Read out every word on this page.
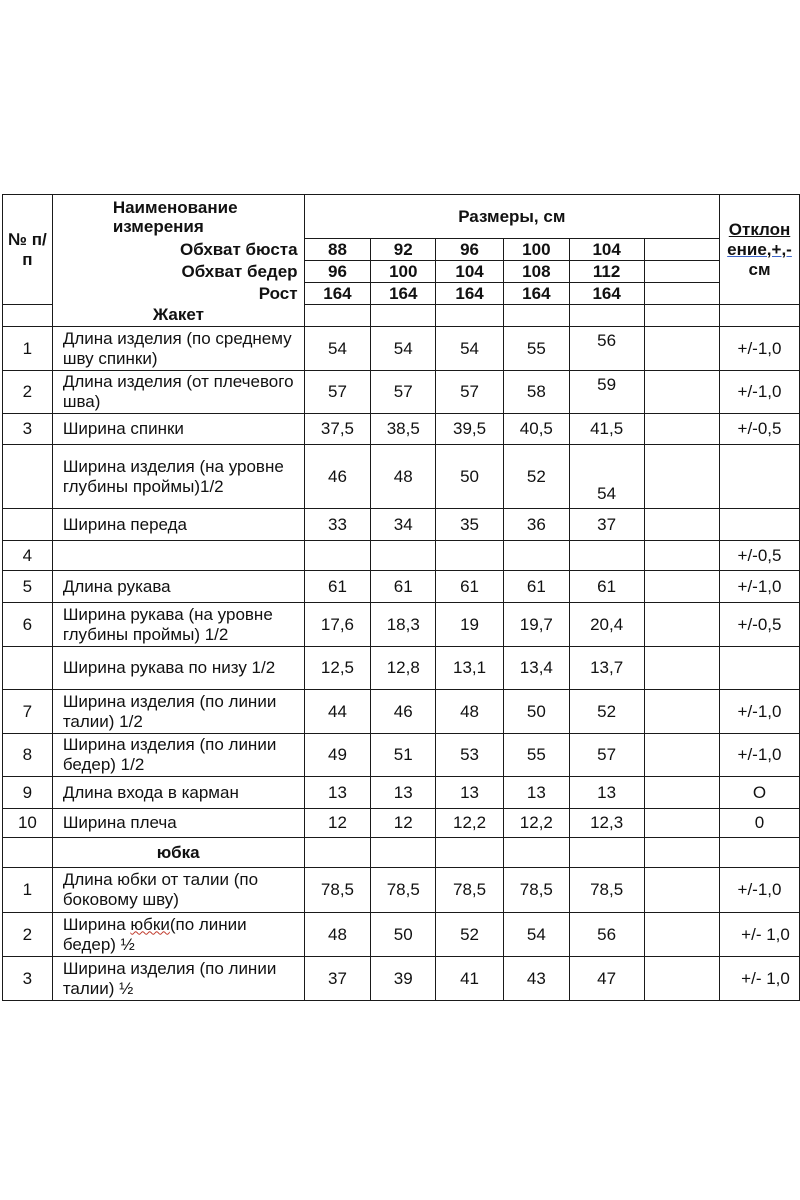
№ п/п	Наименование измерения	Размеры, см						Отклон
ение,+,-
см

	Обхват бюста	88	92	96	100	104		
	Обхват бедер	96	100	104	108	112		
	Рост	164	164	164	164	164		
	Жакет							
1	Длина изделия (по среднему шву спинки)	54	54	54	55	56		+/-1,0
2	Длина изделия (от плечевого шва)	57	57	57	58	59		+/-1,0
3	Ширина спинки	37,5	38,5	39,5	40,5	41,5		+/-0,5
	Ширина изделия (на уровне глубины проймы)1/2	46	48	50	52	54		
	Ширина переда	33	34	35	36	37		
4								+/-0,5
5	Длина рукава	61	61	61	61	61		+/-1,0
6	Ширина рукава (на уровне глубины проймы) 1/2	17,6	18,3	19	19,7	20,4		+/-0,5
	Ширина рукава по низу 1/2	12,5	12,8	13,1	13,4	13,7		
7	Ширина изделия (по линии талии) 1/2	44	46	48	50	52		+/-1,0
8	Ширина изделия (по линии бедер) 1/2	49	51	53	55	57		+/-1,0
9	Длина входа в карман	13	13	13	13	13		O
10	Ширина плеча	12	12	12,2	12,2	12,3		0
	юбка							
1	Длина юбки от талии (по боковому шву)	78,5	78,5	78,5	78,5	78,5		+/-1,0
2	Ширина юбки(по линии бедер) ½	48	50	52	54	56		+/- 1,0
3	Ширина изделия (по линии талии) ½	37	39	41	43	47		+/- 1,0
